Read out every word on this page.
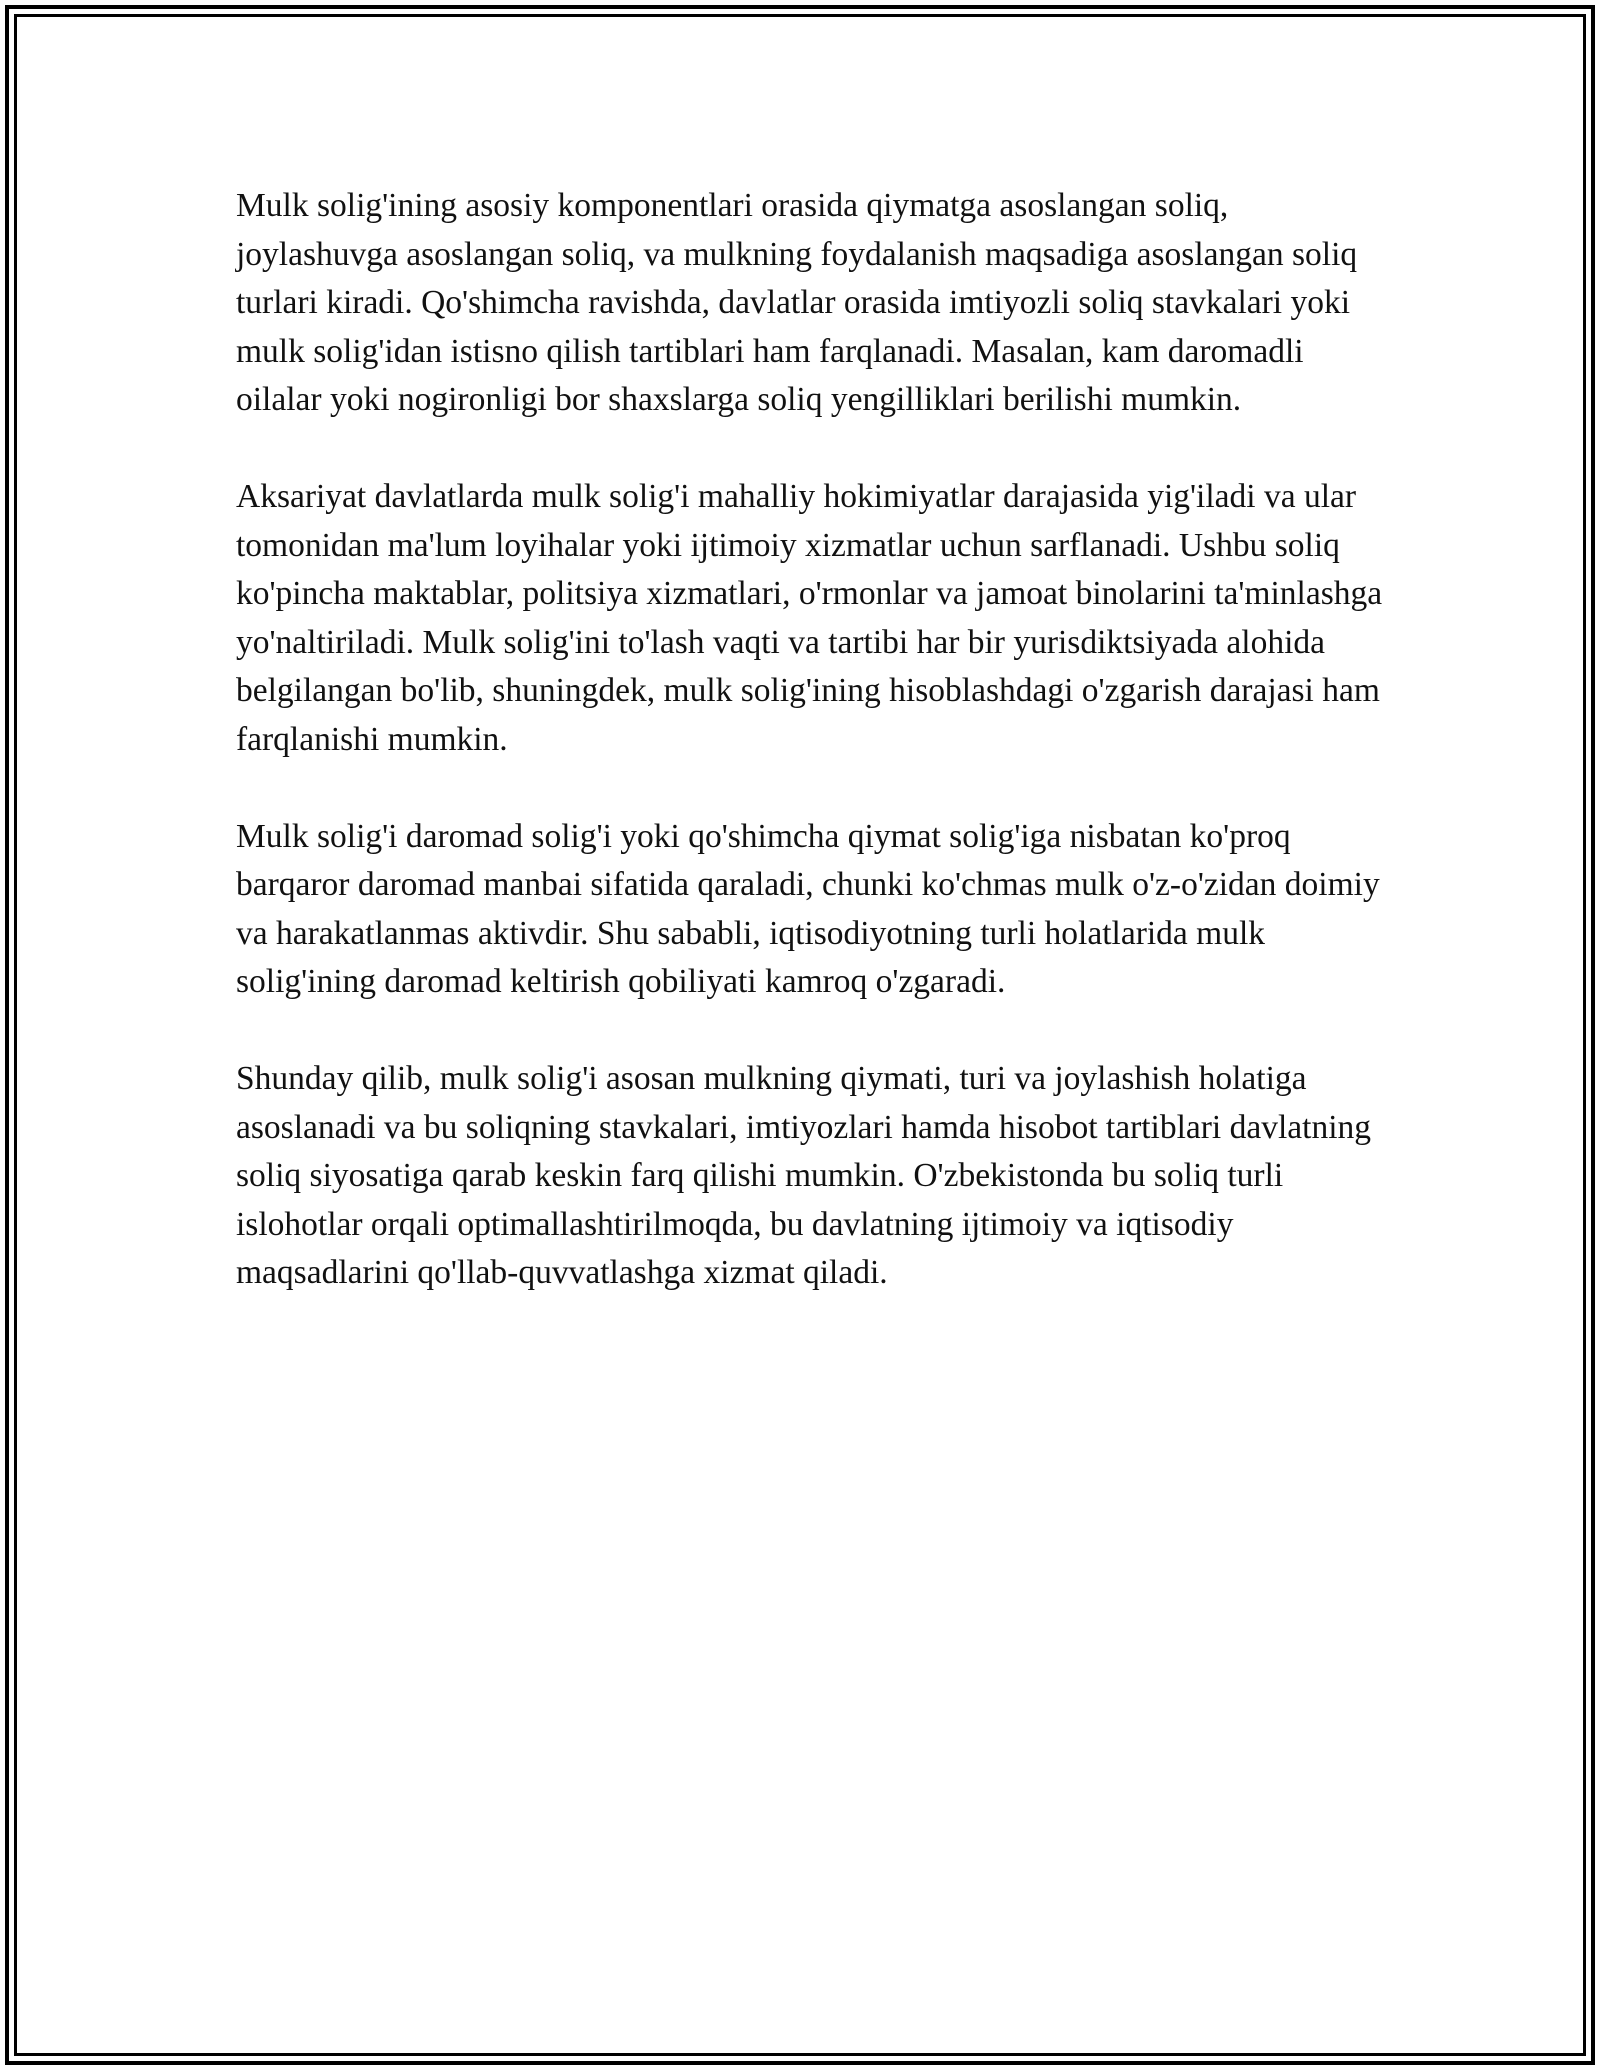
Mulk solig'ining asosiy komponentlari orasida qiymatga asoslangan soliq, joylashuvga asoslangan soliq, va mulkning foydalanish maqsadiga asoslangan soliq turlari kiradi. Qo'shimcha ravishda, davlatlar orasida imtiyozli soliq stavkalari yoki mulk solig'idan istisno qilish tartiblari ham farqlanadi. Masalan, kam daromadli oilalar yoki nogironligi bor shaxslarga soliq yengilliklari berilishi mumkin.

Aksariyat davlatlarda mulk solig'i mahalliy hokimiyatlar darajasida yig'iladi va ular tomonidan ma'lum loyihalar yoki ijtimoiy xizmatlar uchun sarflanadi. Ushbu soliq ko'pincha maktablar, politsiya xizmatlari, o'rmonlar va jamoat binolarini ta'minlashga yo'naltiriladi. Mulk solig'ini to'lash vaqti va tartibi har bir yurisdiktsiyada alohida belgilangan bo'lib, shuningdek, mulk solig'ining hisoblashdagi o'zgarish darajasi ham farqlanishi mumkin.

Mulk solig'i daromad solig'i yoki qo'shimcha qiymat solig'iga nisbatan ko'proq barqaror daromad manbai sifatida qaraladi, chunki ko'chmas mulk o'z-o'zidan doimiy va harakatlanmas aktivdir. Shu sababli, iqtisodiyotning turli holatlarida mulk solig'ining daromad keltirish qobiliyati kamroq o'zgaradi.

Shunday qilib, mulk solig'i asosan mulkning qiymati, turi va joylashish holatiga asoslanadi va bu soliqning stavkalari, imtiyozlari hamda hisobot tartiblari davlatning soliq siyosatiga qarab keskin farq qilishi mumkin. O'zbekistonda bu soliq turli islohotlar orqali optimallashtirilmoqda, bu davlatning ijtimoiy va iqtisodiy maqsadlarini qo'llab-quvvatlashga xizmat qiladi.
